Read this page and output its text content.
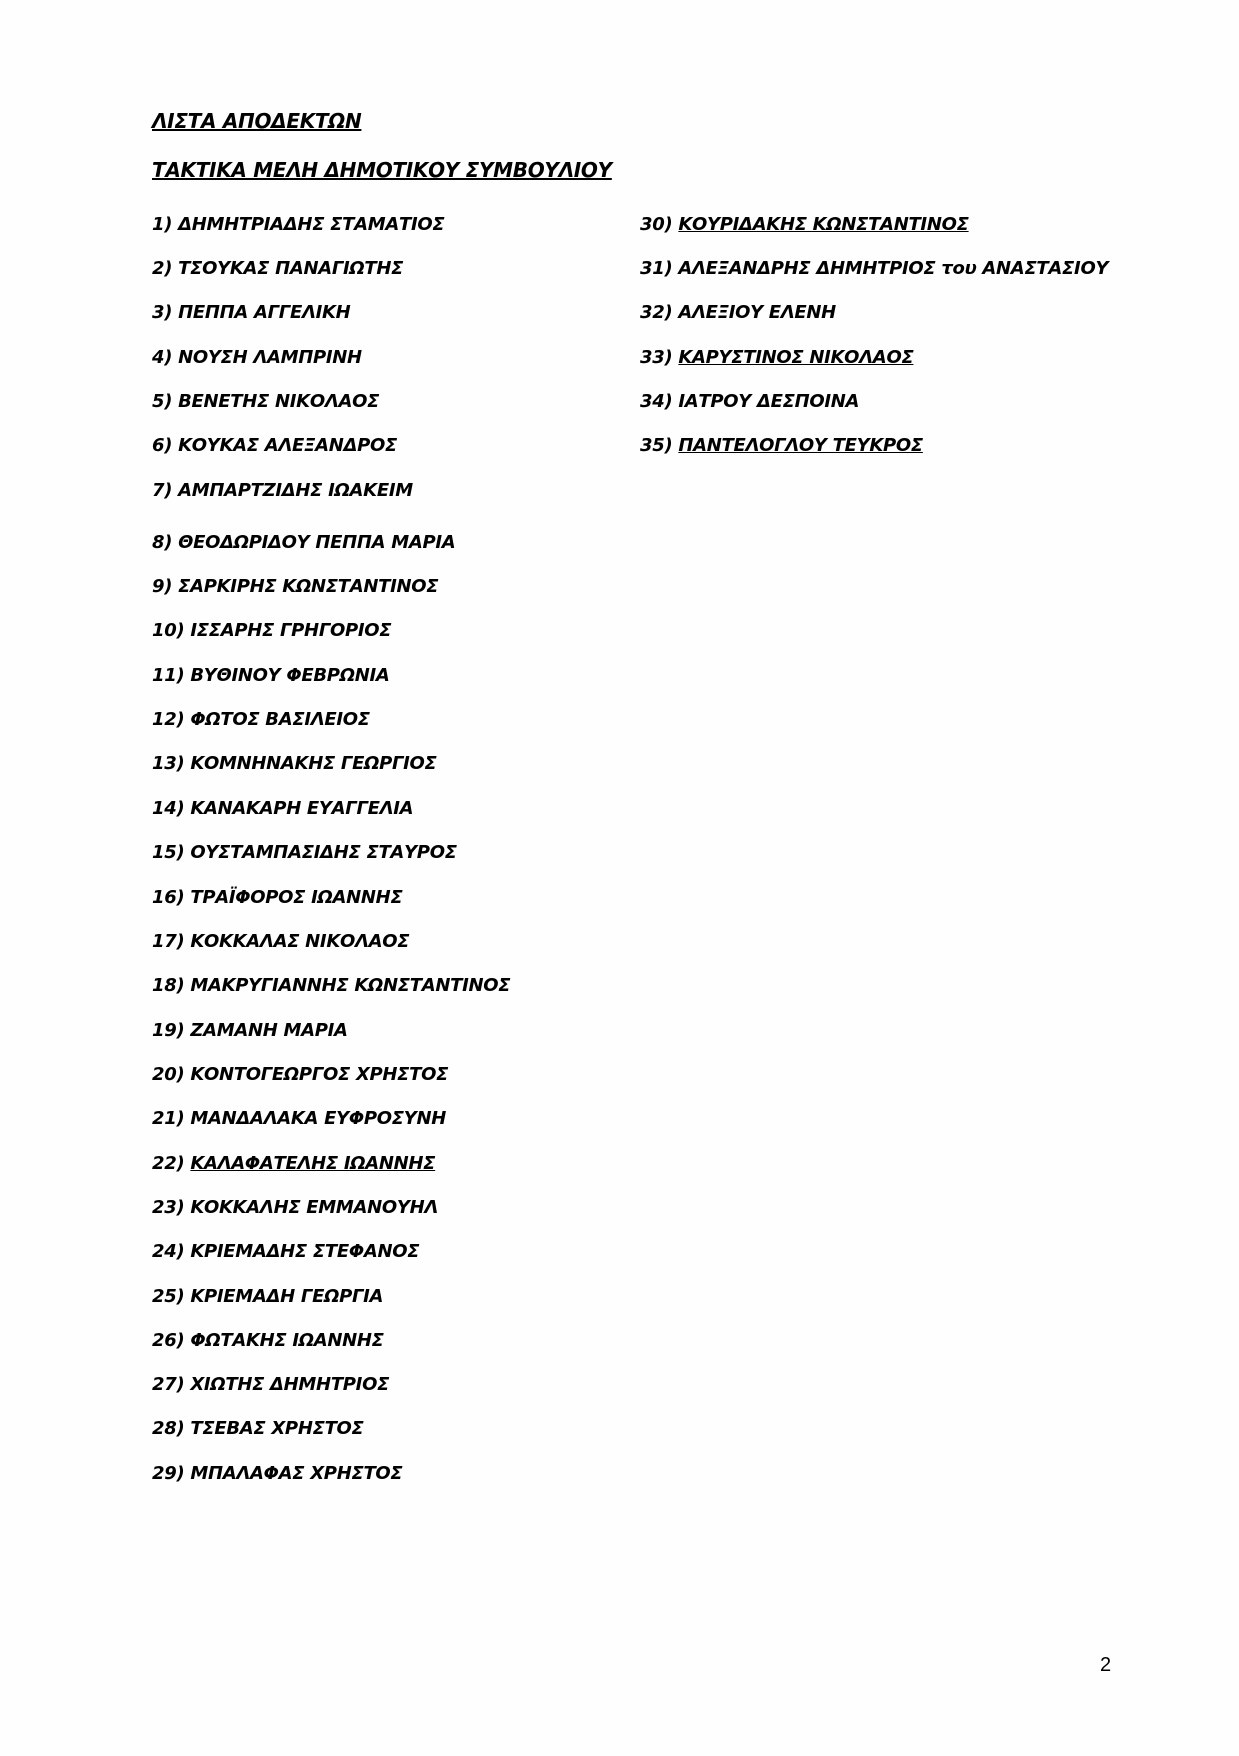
ΛΙΣΤΑ ΑΠΟΔΕΚΤΩΝ
ΤΑΚΤΙΚΑ ΜΕΛΗ ΔΗΜΟΤΙΚΟΥ ΣΥΜΒΟΥΛΙΟΥ
1) ΔΗΜΗΤΡΙΑΔΗΣ ΣΤΑΜΑΤΙΟΣ
2) ΤΣΟΥΚΑΣ ΠΑΝΑΓΙΩΤΗΣ
3) ΠΕΠΠΑ ΑΓΓΕΛΙΚΗ
4) ΝΟΥΣΗ ΛΑΜΠΡΙΝΗ
5) ΒΕΝΕΤΗΣ ΝΙΚΟΛΑΟΣ
6) ΚΟΥΚΑΣ ΑΛΕΞΑΝΔΡΟΣ
7) ΑΜΠΑΡΤΖΙΔΗΣ ΙΩΑΚΕΙΜ
8) ΘΕΟΔΩΡΙΔΟΥ ΠΕΠΠΑ ΜΑΡΙΑ
9) ΣΑΡΚΙΡΗΣ ΚΩΝΣΤΑΝΤΙΝΟΣ
10) ΙΣΣΑΡΗΣ ΓΡΗΓΟΡΙΟΣ
11) ΒΥΘΙΝΟΥ ΦΕΒΡΩΝΙΑ
12) ΦΩΤΟΣ ΒΑΣΙΛΕΙΟΣ
13) ΚΟΜΝΗΝΑΚΗΣ ΓΕΩΡΓΙΟΣ
14) ΚΑΝΑΚΑΡΗ ΕΥΑΓΓΕΛΙΑ
15) ΟΥΣΤΑΜΠΑΣΙΔΗΣ ΣΤΑΥΡΟΣ
16) ΤΡΑΪΦΟΡΟΣ ΙΩΑΝΝΗΣ
17) ΚΟΚΚΑΛΑΣ ΝΙΚΟΛΑΟΣ
18) ΜΑΚΡΥΓΙΑΝΝΗΣ ΚΩΝΣΤΑΝΤΙΝΟΣ
19) ΖΑΜΑΝΗ ΜΑΡΙΑ
20) ΚΟΝΤΟΓΕΩΡΓΟΣ ΧΡΗΣΤΟΣ
21) ΜΑΝΔΑΛΑΚΑ ΕΥΦΡΟΣΥΝΗ
22) ΚΑΛΑΦΑΤΕΛΗΣ ΙΩΑΝΝΗΣ
23) ΚΟΚΚΑΛΗΣ ΕΜΜΑΝΟΥΗΛ
24) ΚΡΙΕΜΑΔΗΣ ΣΤΕΦΑΝΟΣ
25) ΚΡΙΕΜΑΔΗ ΓΕΩΡΓΙΑ
26) ΦΩΤΑΚΗΣ ΙΩΑΝΝΗΣ
27) ΧΙΩΤΗΣ ΔΗΜΗΤΡΙΟΣ
28) ΤΣΕΒΑΣ ΧΡΗΣΤΟΣ
29) ΜΠΑΛΑΦΑΣ ΧΡΗΣΤΟΣ
30) ΚΟΥΡΙΔΑΚΗΣ ΚΩΝΣΤΑΝΤΙΝΟΣ
31) ΑΛΕΞΑΝΔΡΗΣ ΔΗΜΗΤΡΙΟΣ του ΑΝΑΣΤΑΣΙΟΥ
32) ΑΛΕΞΙΟΥ ΕΛΕΝΗ
33) ΚΑΡΥΣΤΙΝΟΣ ΝΙΚΟΛΑΟΣ
34) ΙΑΤΡΟΥ ΔΕΣΠΟΙΝΑ
35) ΠΑΝΤΕΛΟΓΛΟΥ ΤΕΥΚΡΟΣ
2
